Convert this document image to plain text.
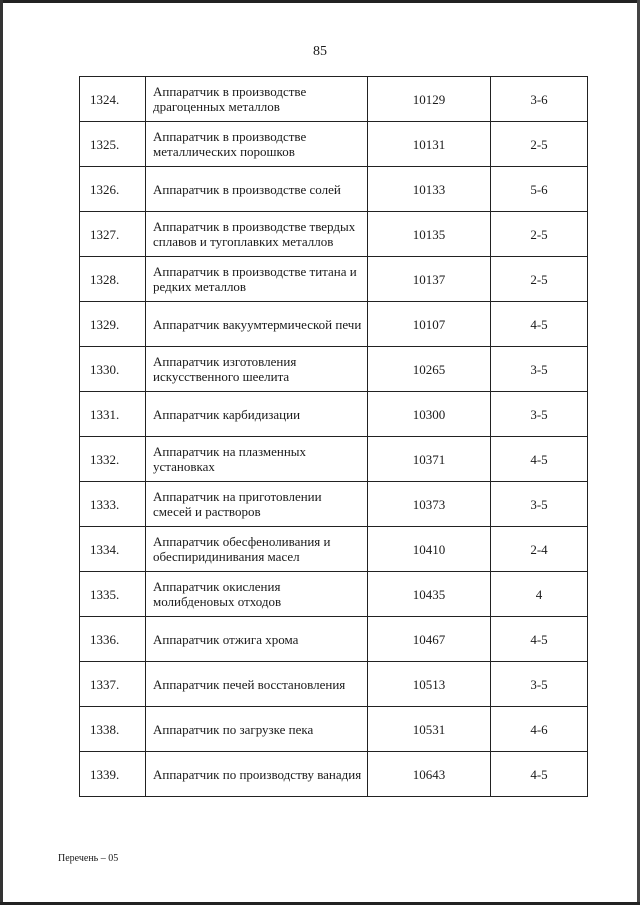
85
1324.	Аппаратчик в производстве драгоценных металлов	10129	3-6
1325.	Аппаратчик в производстве металлических порошков	10131	2-5
1326.	Аппаратчик в производстве солей	10133	5-6
1327.	Аппаратчик в производстве твердых сплавов и тугоплавких металлов	10135	2-5
1328.	Аппаратчик в производстве титана и редких металлов	10137	2-5
1329.	Аппаратчик вакуумтермической печи	10107	4-5
1330.	Аппаратчик изготовления искусственного шеелита	10265	3-5
1331.	Аппаратчик карбидизации	10300	3-5
1332.	Аппаратчик на плазменных установках	10371	4-5
1333.	Аппаратчик на приготовлении смесей и растворов	10373	3-5
1334.	Аппаратчик обесфеноливания и обеспиридинивания масел	10410	2-4
1335.	Аппаратчик окисления молибденовых отходов	10435	4
1336.	Аппаратчик отжига хрома	10467	4-5
1337.	Аппаратчик печей восстановления	10513	3-5
1338.	Аппаратчик по загрузке пека	10531	4-6
1339.	Аппаратчик по производству ванадия	10643	4-5
Перечень – 05
